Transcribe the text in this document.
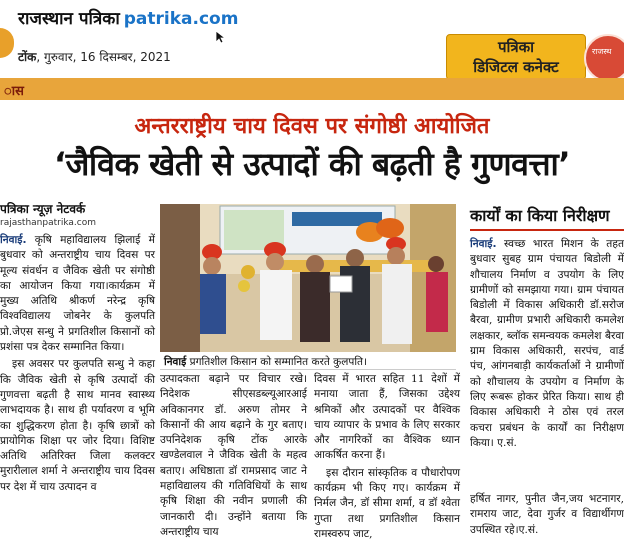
राजस्थान पत्रिका patrika.com
टोंक, गुरुवार, 16 दिसम्बर, 2021
पत्रिका
डिजिटल कनेक्ट
राजस्थ
ास
अन्तरराष्ट्रीय चाय दिवस पर संगोष्ठी आयोजित
‘जैविक खेती से उत्पादों की बढ़ती है गुणवत्ता’
पत्रिका न्यूज़ नेटवर्क
rajasthanpatrika.com

निवाई. कृषि महाविद्यालय झिलाई में बुधवार को अन्तराष्ट्रीय चाय दिवस पर मूल्य संवर्धन व जैविक खेती पर संगोष्ठी का आयोजन किया गया।कार्यक्रम में मुख्य अतिथि श्रीकर्ण नरेन्द्र कृषि विश्वविद्यालय जोबनेर के कुलपति प्रो.जेएस सन्धु ने प्रगतिशील किसानों को प्रशंसा पत्र देकर सम्मानित किया।

इस अवसर पर कुलपति सन्धु ने कहा कि जैविक खेती से कृषि उत्पादों की गुणवत्ता बढ़ती है साथ मानव स्वास्थ्य लाभदायक है। साथ ही पर्यावरण व भूमि का शुद्धिकरण होता है। कृषि छात्रों को प्रायोगिक शिक्षा पर जोर दिया। विशिष्ट अतिथि अतिरिक्त जिला कलक्टर मुरारीलाल शर्मा ने अन्तराष्ट्रीय चाय दिवस पर देश में चाय उत्पादन व

निवाई प्रगतिशील किसान को सम्मानित करते कुलपति।

उत्पादकता बढ़ाने पर विचार रखे। निदेशक सीएसडब्ल्यूआरआई अविकानगर डॉ. अरुण तोमर ने किसानों की आय बढ़ाने के गुर बताए। उपनिदेशक कृषि टोंक आरके खण्डेलवाल ने जैविक खेती के महत्व बताए। अधिष्ठाता डॉ रामप्रसाद जाट ने महाविद्यालय की गतिविधियों के साथ कृषि शिक्षा की नवीन प्रणाली की जानकारी दी। उन्होंने बताया कि अन्तराष्ट्रीय चाय

दिवस में भारत सहित 11 देशों में मनाया जाता हैं, जिसका उद्देश्य श्रमिकों और उत्पादकों पर वैश्विक चाय व्यापार के प्रभाव के लिए सरकार और नागरिकों का वैश्विक ध्यान आकर्षित करना हैं।

इस दौरान सांस्कृतिक व पौधारोपण कार्यक्रम भी किए गए। कार्यक्रम में निर्मल जैन, डॉ सीमा शर्मा, व डॉ श्वेता गुप्ता तथा प्रगतिशील किसान रामस्वरुप जाट,

कार्यों का किया निरीक्षण

निवाई. स्वच्छ भारत मिशन के तहत बुधवार सुबह ग्राम पंचायत बिडोली में शौचालय निर्माण व उपयोग के लिए ग्रामीणों को समझाया गया। ग्राम पंचायत बिडोली में विकास अधिकारी डॉ.सरोज बैरवा, ग्रामीण प्रभारी अधिकारी कमलेश लक्षकार, ब्लॉक समन्वयक कमलेश बैरवा ग्राम विकास अधिकारी, सरपंच, वार्ड पंच, आंगनबाड़ी कार्यकर्ताओं ने ग्रामीणों को शौचालय के उपयोग व निर्माण के लिए रूबरू होकर प्रेरित किया। साथ ही विकास अधिकारी ने ठोस एवं तरल कचरा प्रबंधन के कार्यों का निरीक्षण किया। ए.सं.

हर्षित नागर, पुनीत जैन,जय भटनागर, रामराय जाट, देवा गुर्जर व विद्यार्थीगण उपस्थित रहे।ए.सं.
